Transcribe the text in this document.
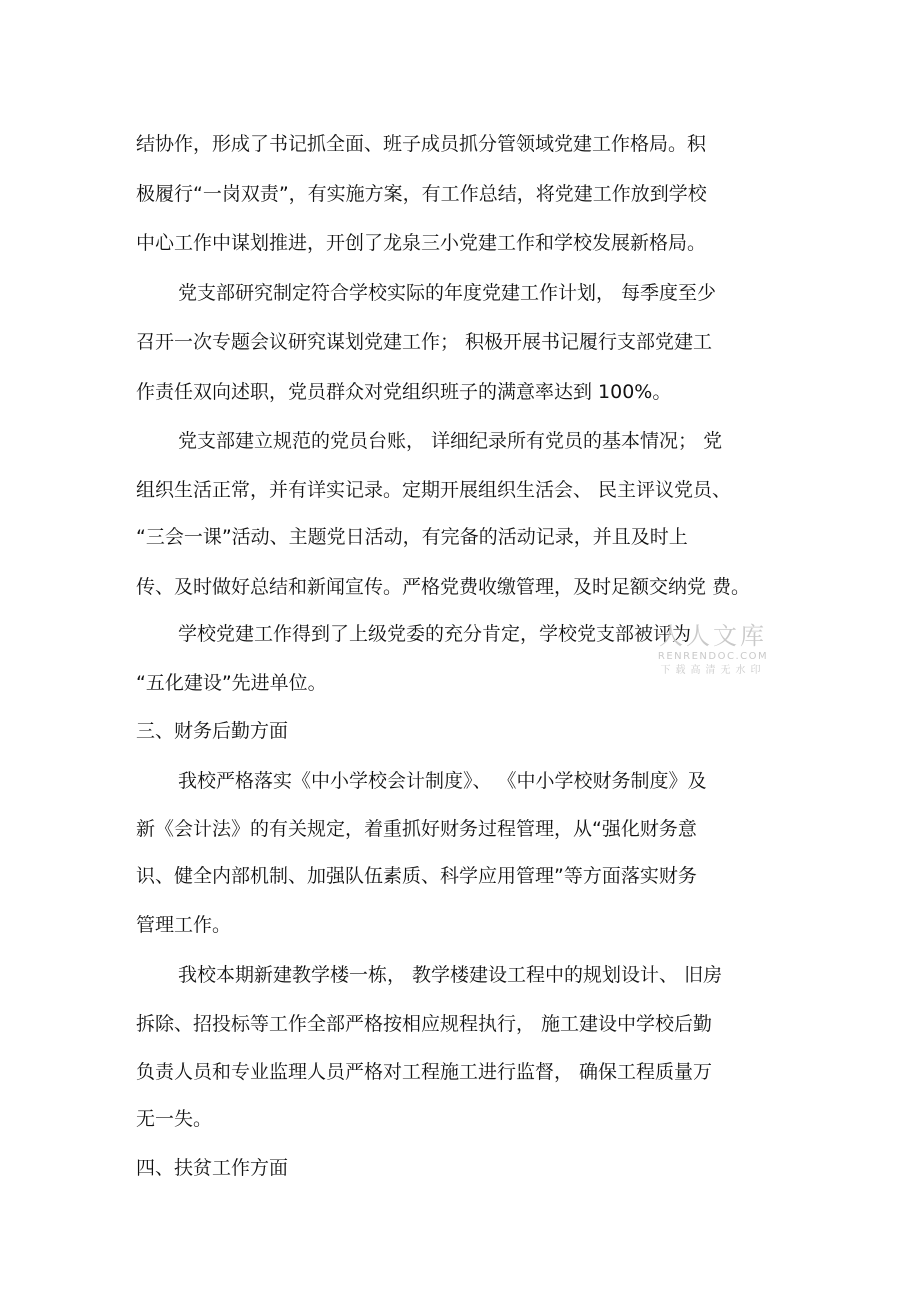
结协作，形成了书记抓全面、班子成员抓分管领域党建工作格局。积
极履行“一岗双责”，有实施方案，有工作总结，将党建工作放到学校
中心工作中谋划推进，开创了龙泉三小党建工作和学校发展新格局。
党支部研究制定符合学校实际的年度党建工作计划， 每季度至少
召开一次专题会议研究谋划党建工作； 积极开展书记履行支部党建工
作责任双向述职，党员群众对党组织班子的满意率达到 100%。
党支部建立规范的党员台账， 详细纪录所有党员的基本情况； 党
组织生活正常，并有详实记录。定期开展组织生活会、 民主评议党员、
“三会一课”活动、主题党日活动，有完备的活动记录，并且及时上
传、及时做好总结和新闻宣传。严格党费收缴管理，及时足额交纳党 费。
学校党建工作得到了上级党委的充分肯定，学校党支部被评为
“五化建设”先进单位。
三、财务后勤方面
我校严格落实《中小学校会计制度》、 《中小学校财务制度》及
新《会计法》的有关规定，着重抓好财务过程管理，从“强化财务意
识、健全内部机制、加强队伍素质、科学应用管理”等方面落实财务
管理工作。
我校本期新建教学楼一栋， 教学楼建设工程中的规划设计、 旧房
拆除、招投标等工作全部严格按相应规程执行， 施工建设中学校后勤
负责人员和专业监理人员严格对工程施工进行监督， 确保工程质量万
无一失。
四、扶贫工作方面
人人文库
RENRENDOC.COM
下载高清无水印
